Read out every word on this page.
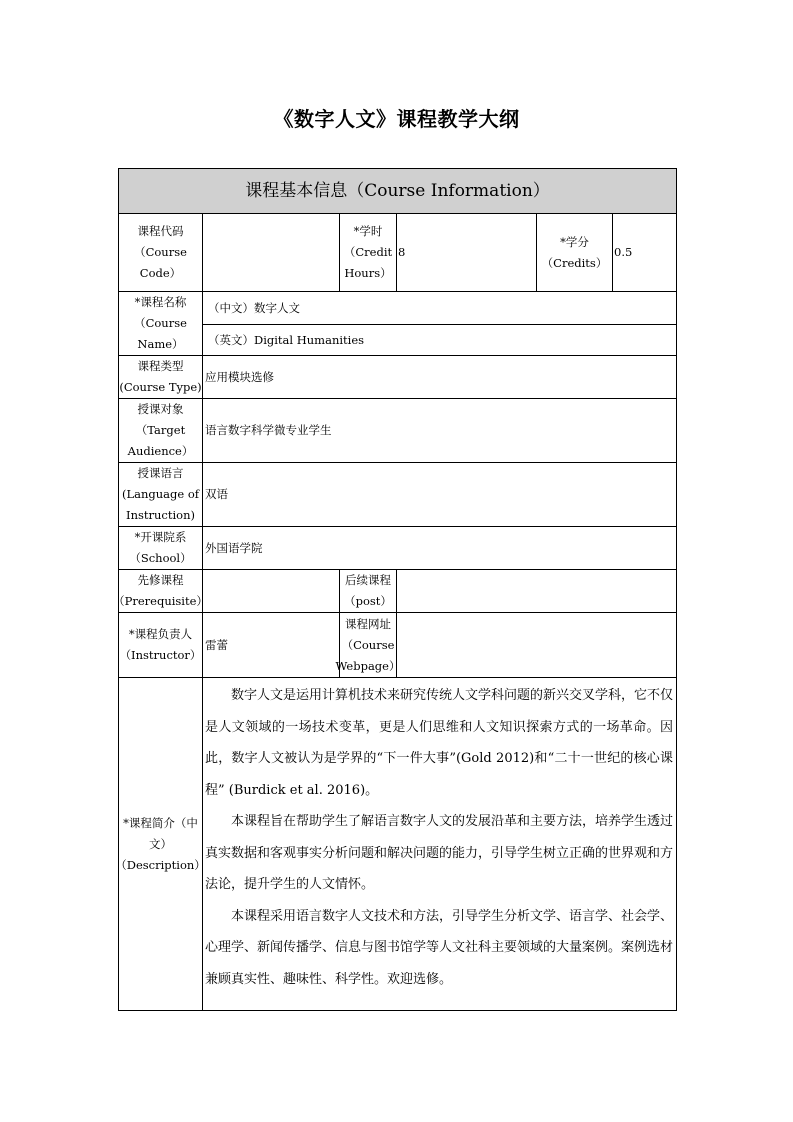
《数字人文》课程教学大纲
课程基本信息（Course Information）
课程代码
（Course Code）
*学时
（Credit
Hours）
8
*学分
（Credits）
0.5
*课程名称
（Course
Name）
（中文）数字人文
（英文）Digital Humanities
课程类型
(Course Type)
应用模块选修
授课对象
（Target
Audience）
语言数字科学微专业学生
授课语言
(Language of
Instruction)
双语
*开课院系
（School）
外国语学院
先修课程
（Prerequisite）
后续课程
（post）
*课程负责人
（Instructor）
雷蕾
课程网址
（Course
Webpage）
*课程简介（中
文）
（Description）

数字人文是运用计算机技术来研究传统人文学科问题的新兴交叉学科，它不仅是人文领域的一场技术变革，更是人们思维和人文知识探索方式的一场革命。因此，数字人文被认为是学界的“下一件大事”(Gold 2012)和“二十一世纪的核心课程” (Burdick et al. 2016)。

本课程旨在帮助学生了解语言数字人文的发展沿革和主要方法，培养学生透过真实数据和客观事实分析问题和解决问题的能力，引导学生树立正确的世界观和方法论，提升学生的人文情怀。

本课程采用语言数字人文技术和方法，引导学生分析文学、语言学、社会学、心理学、新闻传播学、信息与图书馆学等人文社科主要领域的大量案例。案例选材兼顾真实性、趣味性、科学性。欢迎选修。
